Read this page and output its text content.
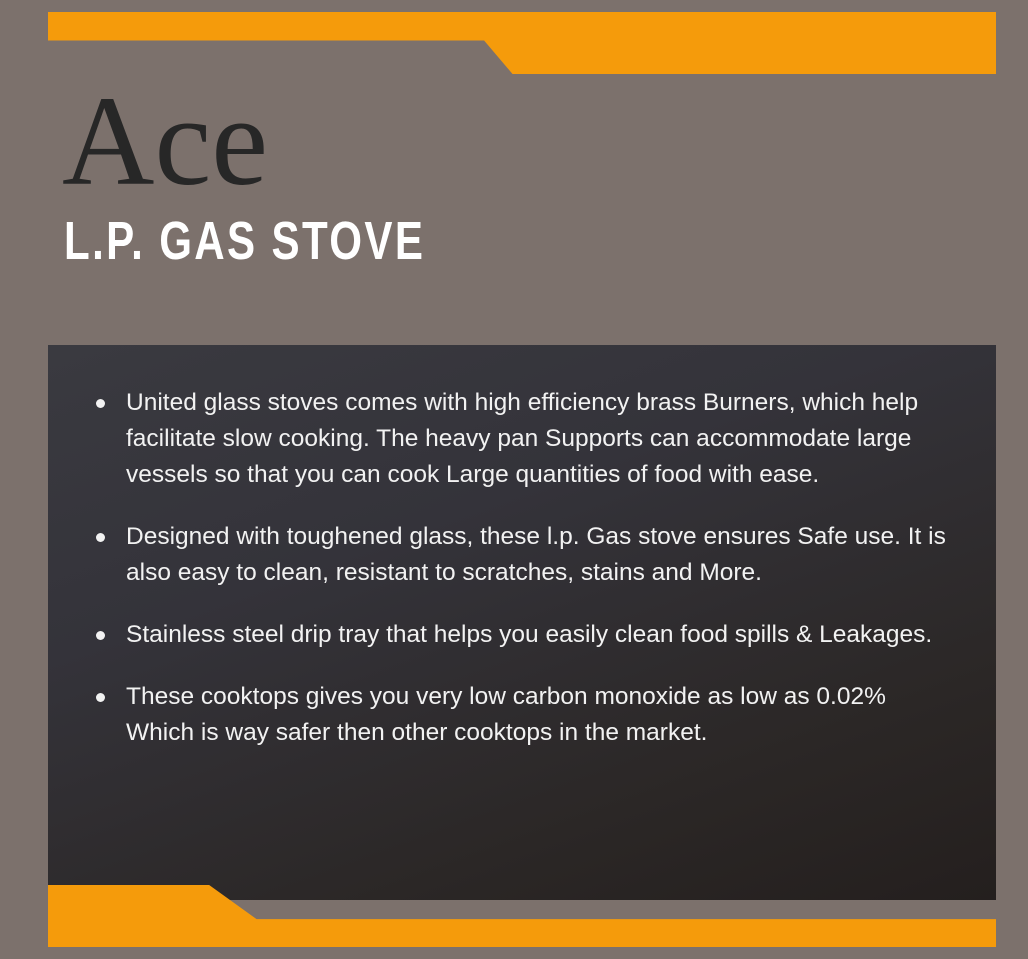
Ace
L.P. GAS STOVE
United glass stoves comes with high efficiency brass Burners, which help facilitate slow cooking. The heavy pan Supports can accommodate large vessels so that you can cook Large quantities of food with ease.
Designed with toughened glass, these l.p. Gas stove ensures Safe use. It is also easy to clean, resistant to scratches, stains and More.
Stainless steel drip tray that helps you easily clean food spills & Leakages.
These cooktops gives you very low carbon monoxide as low as 0.02% Which is way safer then other cooktops in the market.
